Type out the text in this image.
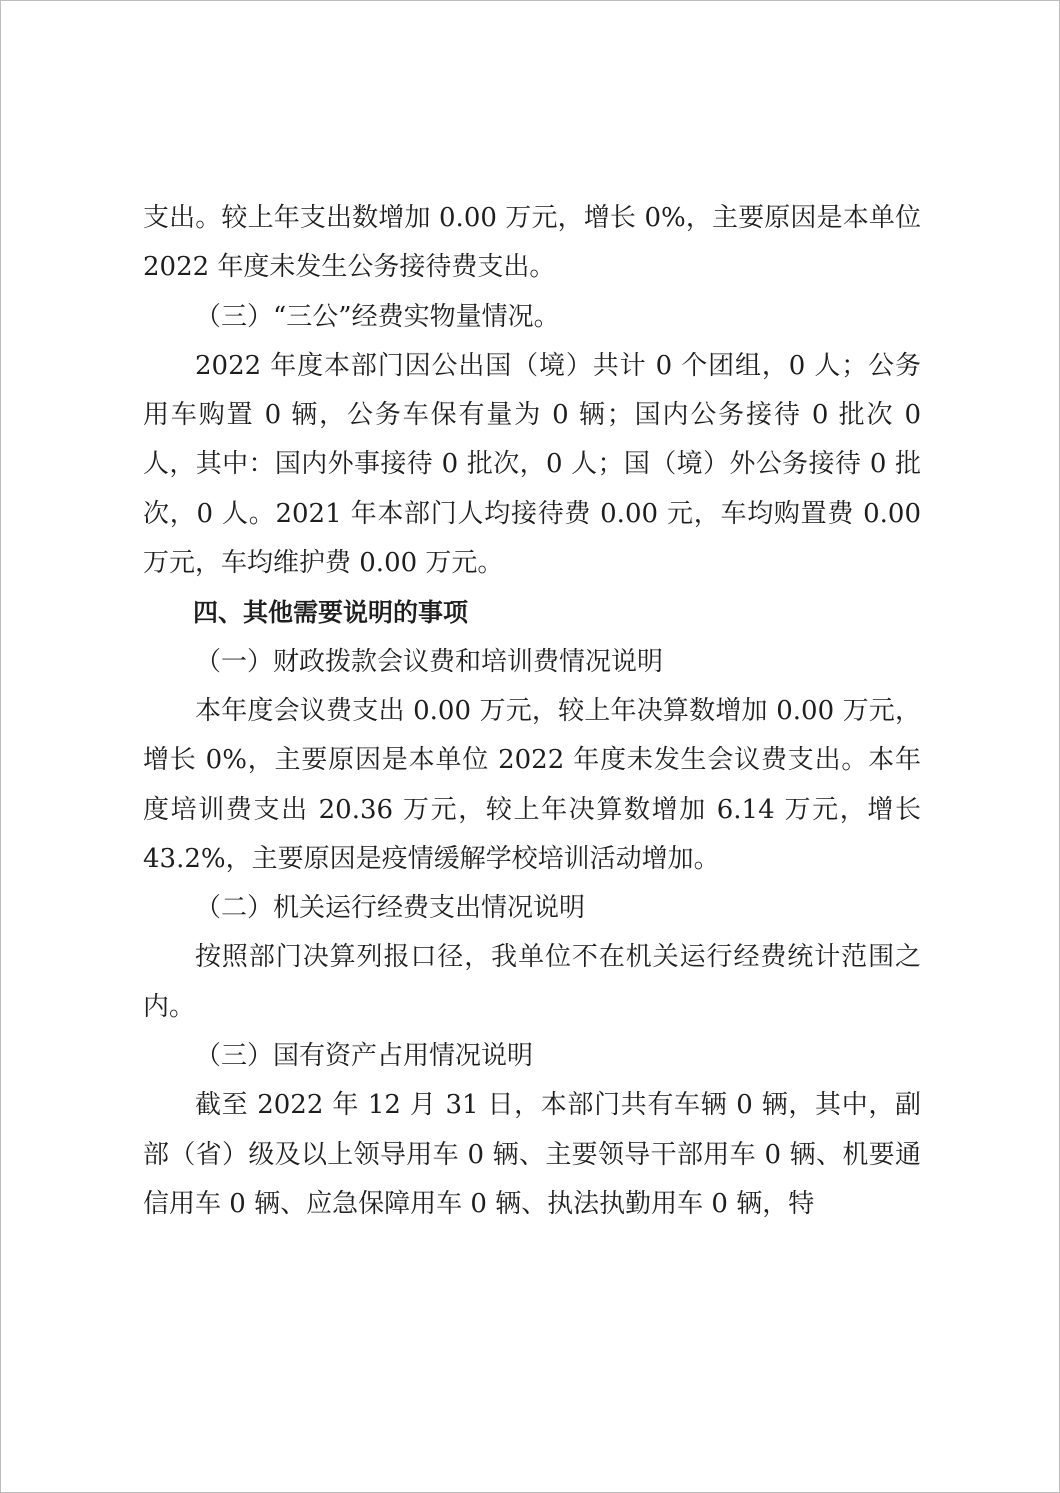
支出。较上年支出数增加 0.00 万元，增长 0%，主要原因是本单位 2022 年度未发生公务接待费支出。

（三）“三公”经费实物量情况。

2022 年度本部门因公出国（境）共计 0 个团组，0 人；公务用车购置 0 辆，公务车保有量为 0 辆；国内公务接待 0 批次 0 人，其中：国内外事接待 0 批次，0 人；国（境）外公务接待 0 批次，0 人。2021 年本部门人均接待费 0.00 元，车均购置费 0.00 万元，车均维护费 0.00 万元。

四、其他需要说明的事项

（一）财政拨款会议费和培训费情况说明

本年度会议费支出 0.00 万元，较上年决算数增加 0.00 万元，增长 0%，主要原因是本单位 2022 年度未发生会议费支出。本年度培训费支出 20.36 万元，较上年决算数增加 6.14 万元，增长 43.2%，主要原因是疫情缓解学校培训活动增加。

（二）机关运行经费支出情况说明

按照部门决算列报口径，我单位不在机关运行经费统计范围之内。

（三）国有资产占用情况说明

截至 2022 年 12 月 31 日，本部门共有车辆 0 辆，其中，副部（省）级及以上领导用车 0 辆、主要领导干部用车 0 辆、机要通信用车 0 辆、应急保障用车 0 辆、执法执勤用车 0 辆，特
